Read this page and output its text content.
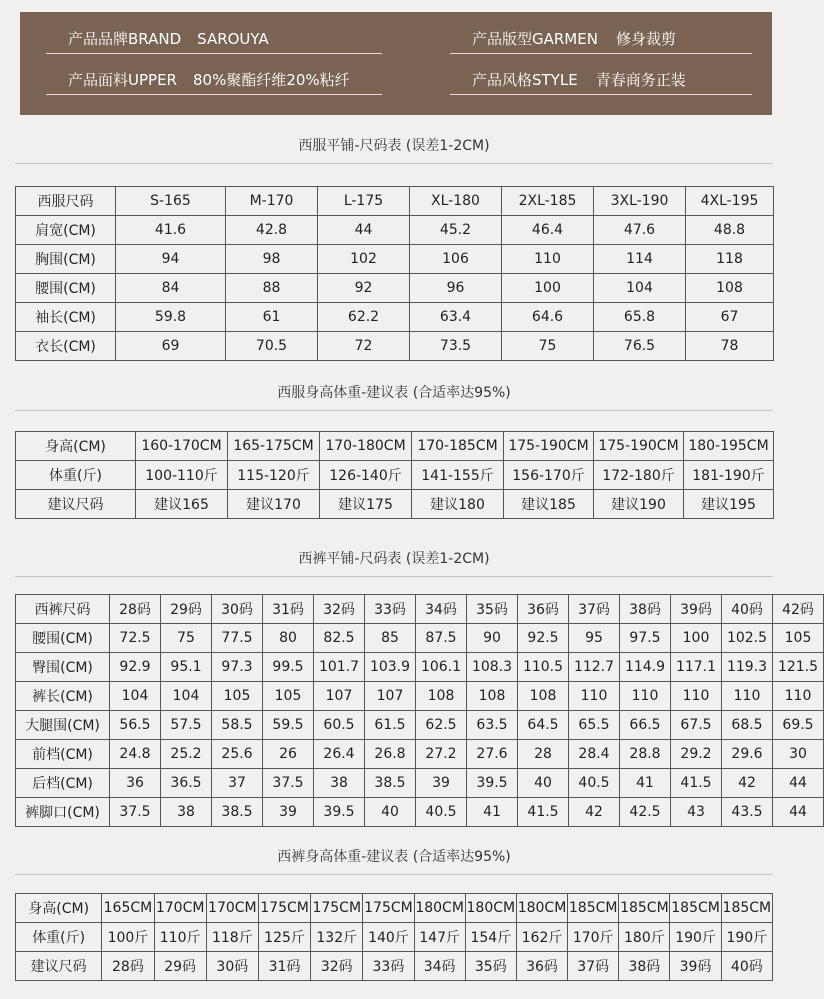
产品品牌BRAND SAROUYA	产品版型GARMEN 修身裁剪
产品面料UPPER 80%聚酯纤维20%粘纤	产品风格STYLE 青春商务正装
西服平铺-尺码表 (误差1-2CM)
西服尺码	S-165	M-170	L-175	XL-180	2XL-185	3XL-190	4XL-195
肩宽(CM)	41.6	42.8	44	45.2	46.4	47.6	48.8
胸围(CM)	94	98	102	106	110	114	118
腰围(CM)	84	88	92	96	100	104	108
袖长(CM)	59.8	61	62.2	63.4	64.6	65.8	67
衣长(CM)	69	70.5	72	73.5	75	76.5	78
西服身高体重-建议表 (合适率达95%)
身高(CM)	160-170CM	165-175CM	170-180CM	170-185CM	175-190CM	175-190CM	180-195CM
体重(斤)	100-110斤	115-120斤	126-140斤	141-155斤	156-170斤	172-180斤	181-190斤
建议尺码	建议165	建议170	建议175	建议180	建议185	建议190	建议195
西裤平铺-尺码表 (误差1-2CM)
西裤尺码	28码	29码	30码	31码	32码	33码	34码	35码	36码	37码	38码	39码	40码	42码
腰围(CM)	72.5	75	77.5	80	82.5	85	87.5	90	92.5	95	97.5	100	102.5	105
臀围(CM)	92.9	95.1	97.3	99.5	101.7	103.9	106.1	108.3	110.5	112.7	114.9	117.1	119.3	121.5
裤长(CM)	104	104	105	105	107	107	108	108	108	110	110	110	110	110
大腿围(CM)	56.5	57.5	58.5	59.5	60.5	61.5	62.5	63.5	64.5	65.5	66.5	67.5	68.5	69.5
前档(CM)	24.8	25.2	25.6	26	26.4	26.8	27.2	27.6	28	28.4	28.8	29.2	29.6	30
后档(CM)	36	36.5	37	37.5	38	38.5	39	39.5	40	40.5	41	41.5	42	44
裤脚口(CM)	37.5	38	38.5	39	39.5	40	40.5	41	41.5	42	42.5	43	43.5	44
西裤身高体重-建议表 (合适率达95%)
身高(CM)	165CM	170CM	170CM	175CM	175CM	175CM	180CM	180CM	180CM	185CM	185CM	185CM	185CM
体重(斤)	100斤	110斤	118斤	125斤	132斤	140斤	147斤	154斤	162斤	170斤	180斤	190斤	190斤
建议尺码	28码	29码	30码	31码	32码	33码	34码	35码	36码	37码	38码	39码	40码
